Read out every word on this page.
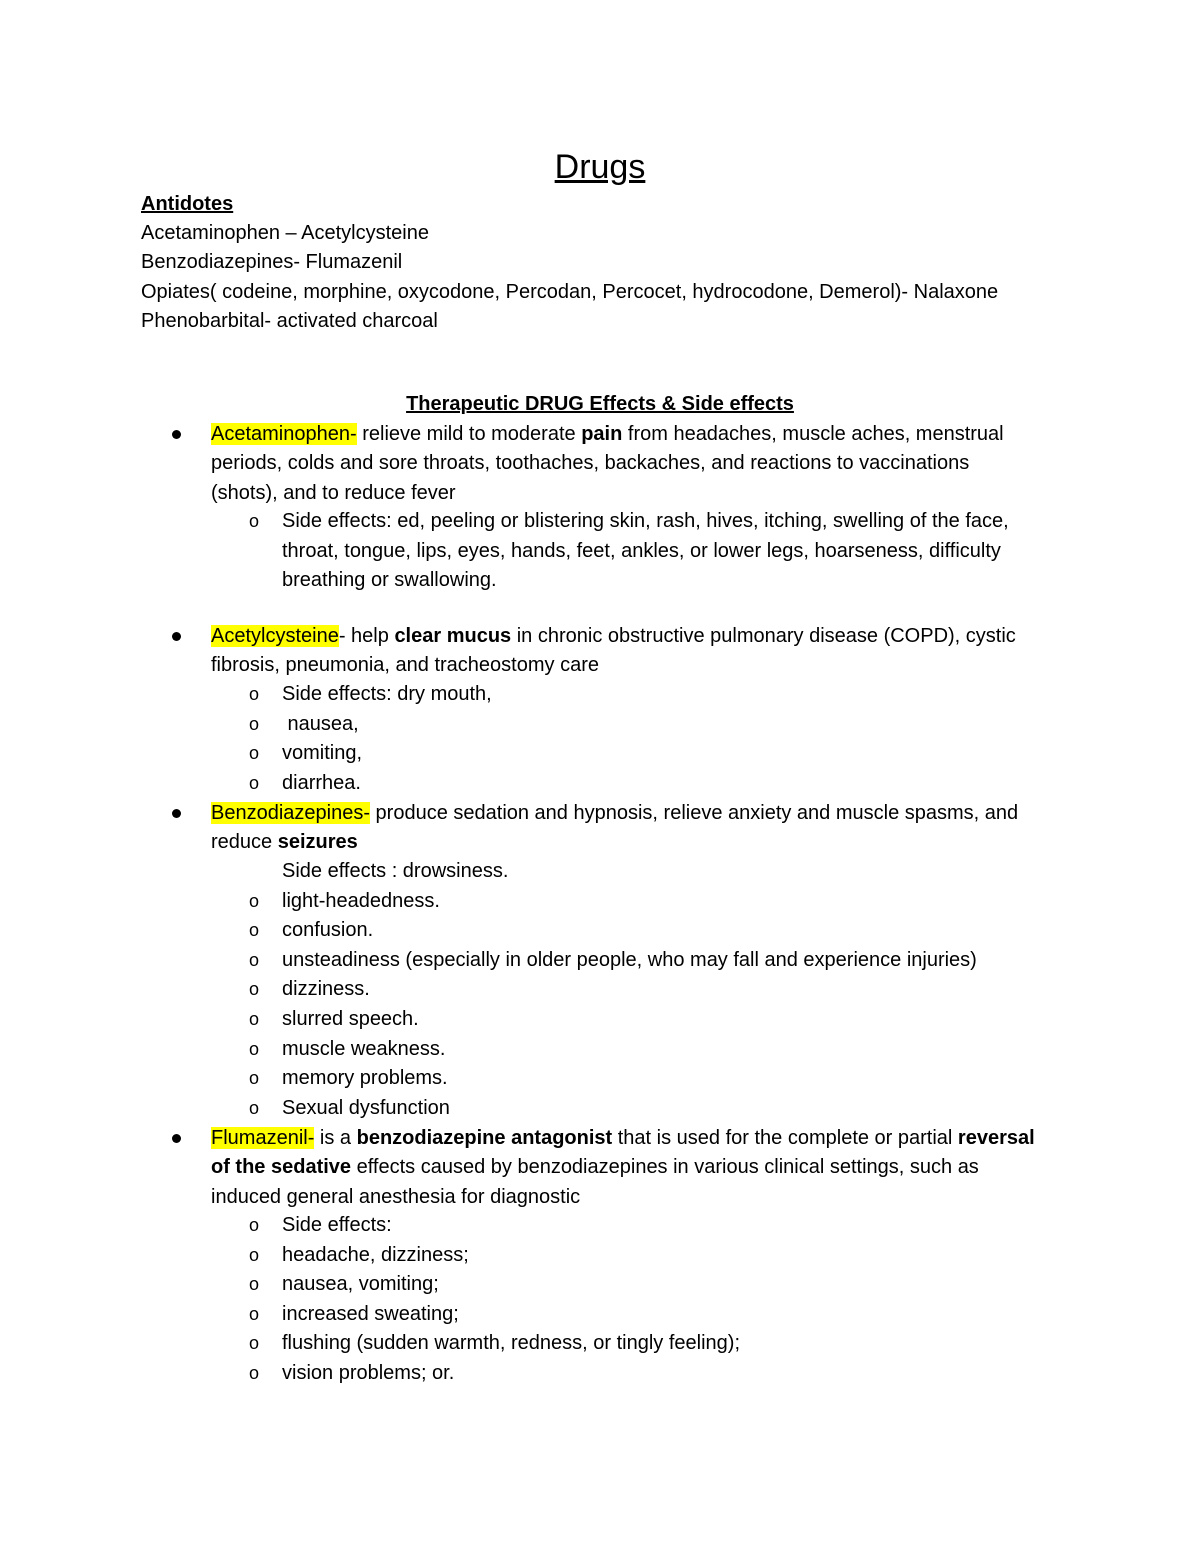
Drugs
Antidotes
Acetaminophen – Acetylcysteine
Benzodiazepines- Flumazenil
Opiates( codeine, morphine, oxycodone, Percodan, Percocet, hydrocodone, Demerol)- Nalaxone
Phenobarbital- activated charcoal
Therapeutic DRUG Effects & Side effects
Acetaminophen- relieve mild to moderate pain from headaches, muscle aches, menstrual periods, colds and sore throats, toothaches, backaches, and reactions to vaccinations (shots), and to reduce fever
o Side effects: ed, peeling or blistering skin, rash, hives, itching, swelling of the face, throat, tongue, lips, eyes, hands, feet, ankles, or lower legs, hoarseness, difficulty breathing or swallowing.
Acetylcysteine- help clear mucus in chronic obstructive pulmonary disease (COPD), cystic fibrosis, pneumonia, and tracheostomy care
o Side effects: dry mouth,
o nausea,
o vomiting,
o diarrhea.
Benzodiazepines- produce sedation and hypnosis, relieve anxiety and muscle spasms, and reduce seizures
Side effects : drowsiness.
o light-headedness.
o confusion.
o unsteadiness (especially in older people, who may fall and experience injuries)
o dizziness.
o slurred speech.
o muscle weakness.
o memory problems.
o Sexual dysfunction
Flumazenil- is a benzodiazepine antagonist that is used for the complete or partial reversal of the sedative effects caused by benzodiazepines in various clinical settings, such as induced general anesthesia for diagnostic
o Side effects:
o headache, dizziness;
o nausea, vomiting;
o increased sweating;
o flushing (sudden warmth, redness, or tingly feeling);
o vision problems; or.
